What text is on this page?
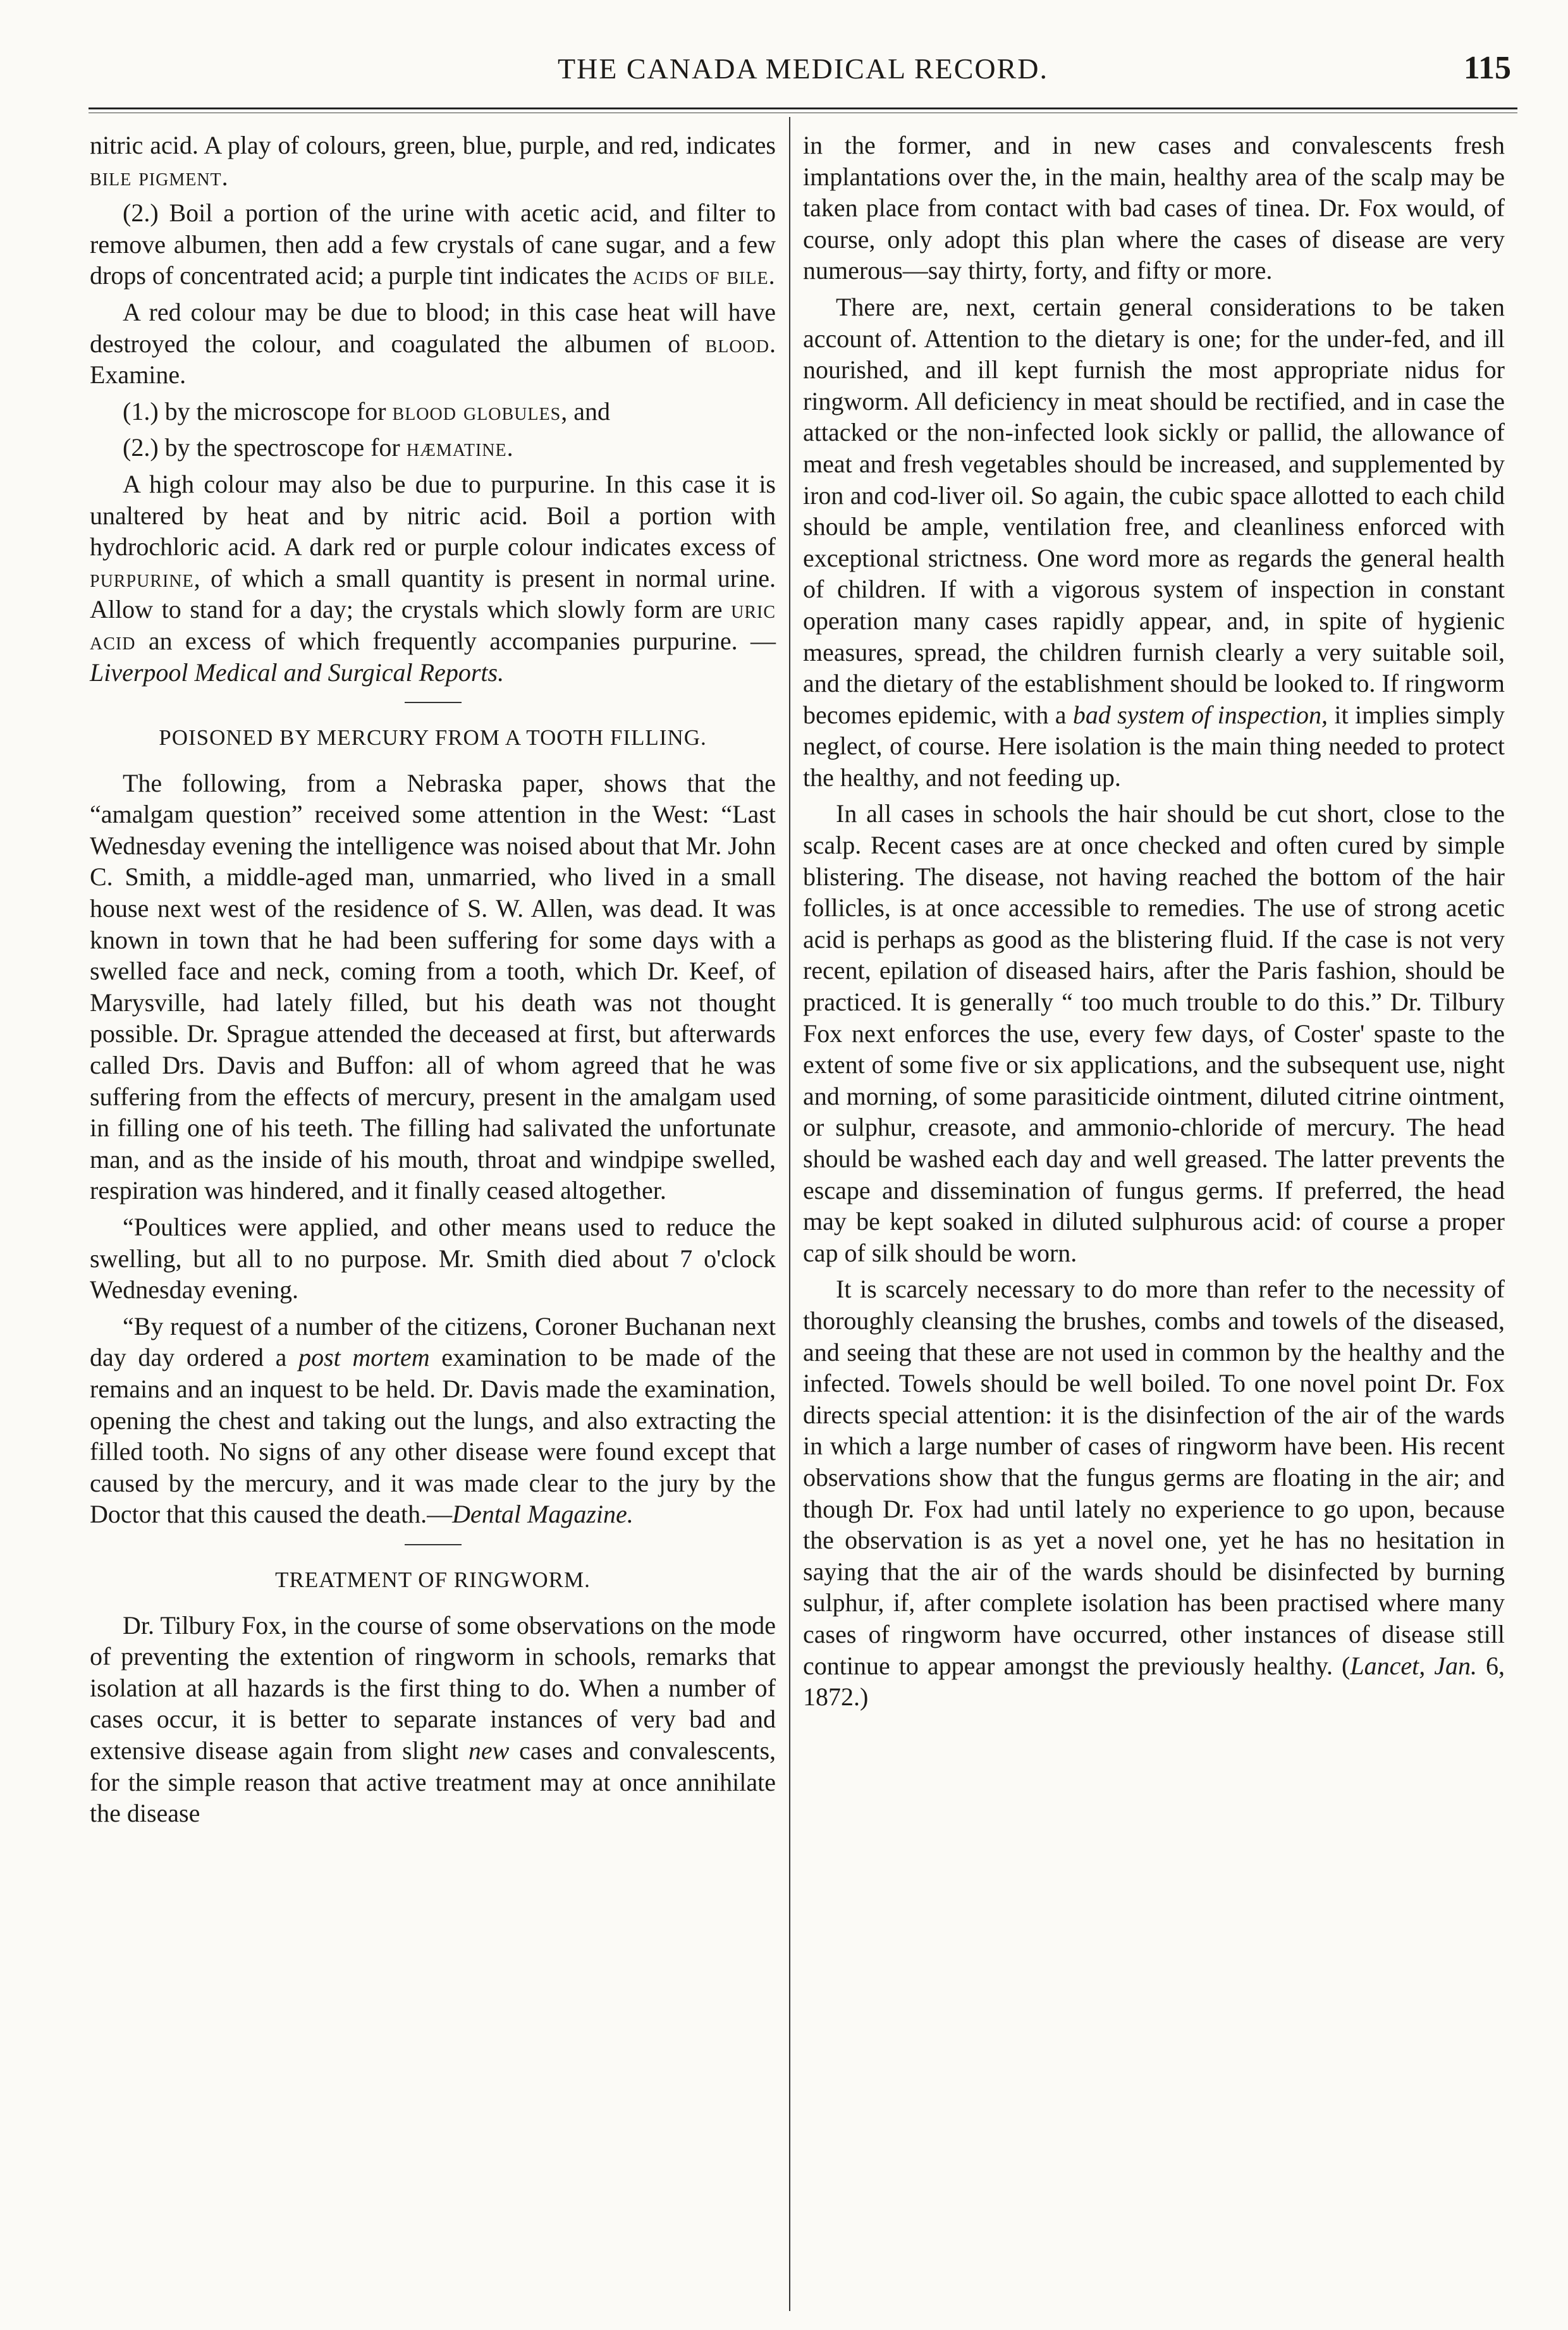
THE CANADA MEDICAL RECORD.	115

nitric acid. A play of colours, green, blue, purple, and red, indicates bile pigment.

(2.) Boil a portion of the urine with acetic acid, and filter to remove albumen, then add a few crystals of cane sugar, and a few drops of concentrated acid; a purple tint indicates the acids of bile.

A red colour may be due to blood; in this case heat will have destroyed the colour, and coagulated the albumen of blood. Examine.

(1.) by the microscope for blood globules, and

(2.) by the spectroscope for hæmatine.

A high colour may also be due to purpurine. In this case it is unaltered by heat and by nitric acid. Boil a portion with hydrochloric acid. A dark red or purple colour indicates excess of purpurine, of which a small quantity is present in normal urine. Allow to stand for a day; the crystals which slowly form are uric acid an excess of which frequently accompanies purpurine. — Liverpool Medical and Surgical Reports.

POISONED BY MERCURY FROM A TOOTH FILLING.

The following, from a Nebraska paper, shows that the “amalgam question” received some attention in the West: “Last Wednesday evening the intelligence was noised about that Mr. John C. Smith, a middle-aged man, unmarried, who lived in a small house next west of the residence of S. W. Allen, was dead. It was known in town that he had been suffering for some days with a swelled face and neck, coming from a tooth, which Dr. Keef, of Marysville, had lately filled, but his death was not thought possible. Dr. Sprague attended the deceased at first, but afterwards called Drs. Davis and Buffon: all of whom agreed that he was suffering from the effects of mercury, present in the amalgam used in filling one of his teeth. The filling had salivated the unfortunate man, and as the inside of his mouth, throat and windpipe swelled, respiration was hindered, and it finally ceased altogether.

“Poultices were applied, and other means used to reduce the swelling, but all to no purpose. Mr. Smith died about 7 o'clock Wednesday evening.

“By request of a number of the citizens, Coroner Buchanan next day day ordered a post mortem examination to be made of the remains and an inquest to be held. Dr. Davis made the examination, opening the chest and taking out the lungs, and also extracting the filled tooth. No signs of any other disease were found except that caused by the mercury, and it was made clear to the jury by the Doctor that this caused the death.—Dental Magazine.

TREATMENT OF RINGWORM.

Dr. Tilbury Fox, in the course of some observations on the mode of preventing the extention of ringworm in schools, remarks that isolation at all hazards is the first thing to do. When a number of cases occur, it is better to separate instances of very bad and extensive disease again from slight new cases and convalescents, for the simple reason that active treatment may at once annihilate the disease

in the former, and in new cases and convalescents fresh implantations over the, in the main, healthy area of the scalp may be taken place from contact with bad cases of tinea. Dr. Fox would, of course, only adopt this plan where the cases of disease are very numerous—say thirty, forty, and fifty or more.

There are, next, certain general considerations to be taken account of. Attention to the dietary is one; for the under-fed, and ill nourished, and ill kept furnish the most appropriate nidus for ringworm. All deficiency in meat should be rectified, and in case the attacked or the non-infected look sickly or pallid, the allowance of meat and fresh vegetables should be increased, and supplemented by iron and cod-liver oil. So again, the cubic space allotted to each child should be ample, ventilation free, and cleanliness enforced with exceptional strictness. One word more as regards the general health of children. If with a vigorous system of inspection in constant operation many cases rapidly appear, and, in spite of hygienic measures, spread, the children furnish clearly a very suitable soil, and the dietary of the establishment should be looked to. If ringworm becomes epidemic, with a bad system of inspection, it implies simply neglect, of course. Here isolation is the main thing needed to protect the healthy, and not feeding up.

In all cases in schools the hair should be cut short, close to the scalp. Recent cases are at once checked and often cured by simple blistering. The disease, not having reached the bottom of the hair follicles, is at once accessible to remedies. The use of strong acetic acid is perhaps as good as the blistering fluid. If the case is not very recent, epilation of diseased hairs, after the Paris fashion, should be practiced. It is generally “ too much trouble to do this.” Dr. Tilbury Fox next enforces the use, every few days, of Coster' spaste to the extent of some five or six applications, and the subsequent use, night and morning, of some parasiticide ointment, diluted citrine ointment, or sulphur, creasote, and ammonio-chloride of mercury. The head should be washed each day and well greased. The latter prevents the escape and dissemination of fungus germs. If preferred, the head may be kept soaked in diluted sulphurous acid: of course a proper cap of silk should be worn.

It is scarcely necessary to do more than refer to the necessity of thoroughly cleansing the brushes, combs and towels of the diseased, and seeing that these are not used in common by the healthy and the infected. Towels should be well boiled. To one novel point Dr. Fox directs special attention: it is the disinfection of the air of the wards in which a large number of cases of ringworm have been. His recent observations show that the fungus germs are floating in the air; and though Dr. Fox had until lately no experience to go upon, because the observation is as yet a novel one, yet he has no hesitation in saying that the air of the wards should be disinfected by burning sulphur, if, after complete isolation has been practised where many cases of ringworm have occurred, other instances of disease still continue to appear amongst the previously healthy. (Lancet, Jan. 6, 1872.)
